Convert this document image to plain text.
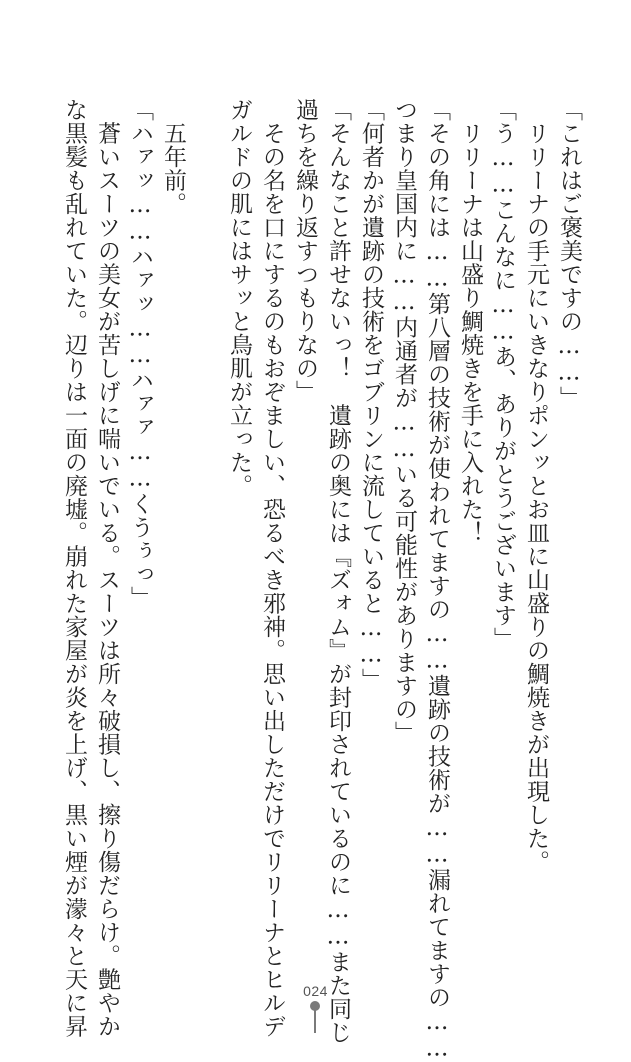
「これはご褒美ですの……」
　リリーナの手元にいきなりポンッとお皿に山盛りの鯛焼きが出現した。
「う……こんなに……あ、ありがとうございます」
　リリーナは山盛り鯛焼きを手に入れた！
「その角には……第八層の技術が使われてますの……遺跡の技術が……漏れてますの……
つまり皇国内に……内通者が……いる可能性がありますの」
「何者かが遺跡の技術をゴブリンに流していると……」
「そんなこと許せないっ！　遺跡の奥には『ズォム』が封印されているのに……また同じ
過ちを繰り返すつもりなの」
　その名を口にするのもおぞましい、恐るべき邪神。思い出しただけでリリーナとヒルデ
ガルドの肌にはサッと鳥肌が立った。
　五年前。
「ハァッ……ハァッ……ハァァ……くうぅっ」
　蒼いスーツの美女が苦しげに喘いでいる。スーツは所々破損し、擦り傷だらけ。艶やか
な黒髪も乱れていた。辺りは一面の廃墟。崩れた家屋が炎を上げ、黒い煙が濛々と天に昇	024
